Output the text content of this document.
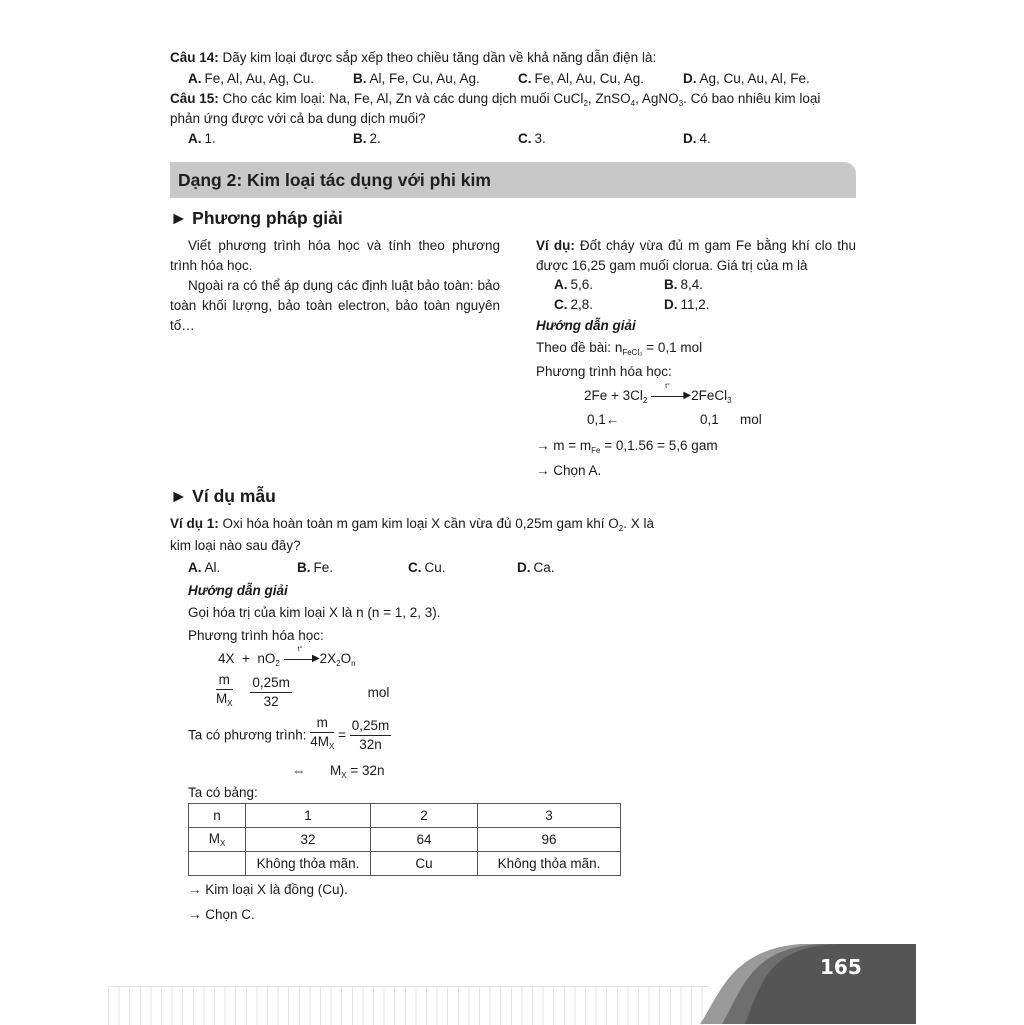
Câu 14: Dãy kim loại được sắp xếp theo chiều tăng dần về khả năng dẫn điện là:
A. Fe, Al, Au, Ag, Cu.	B. Al, Fe, Cu, Au, Ag.	C. Fe, Al, Au, Cu, Ag.	D. Ag, Cu, Au, Al, Fe.
Câu 15: Cho các kim loại: Na, Fe, Al, Zn và các dung dịch muối CuCl$_2$, ZnSO$_4$, AgNO$_3$. Có bao nhiêu kim loại
phản ứng được với cả ba dung dịch muối?
A. 1.	B. 2.	C. 3.	D. 4.
Dạng 2: Kim loại tác dụng với phi kim
► Phương pháp giải
Viết phương trình hóa học và tính theo phương trình hóa học.
Ngoài ra có thể áp dụng các định luật bảo toàn: bảo toàn khối lượng, bảo toàn electron, bảo toàn nguyên tố…
Ví dụ: Đốt cháy vừa đủ m gam Fe bằng khí clo thu được 16,25 gam muối clorua. Giá trị của m là
A. 5,6.	B. 8,4.
C. 2,8.	D. 11,2.
Hướng dẫn giải
Theo đề bài: $n_{FeCl_3} = 0,1$ mol
Phương trình hóa học:
$2Fe + 3Cl_2$
t°
▶ 2FeCl$_3$
0,1←	0,1 mol
→ $m = m_{Fe} = 0,1.56 = 5,6$ gam
→ Chọn A.
► Ví dụ mẫu
Ví dụ 1: Oxi hóa hoàn toàn m gam kim loại X cần vừa đủ 0,25m gam khí $O_2$. X là
kim loại nào sau đây?
A. Al.	B. Fe.	C. Cu.	D. Ca.
Hướng dẫn giải
Gọi hóa trị của kim loại X là n (n = 1, 2, 3).
Phương trình hóa học:
$4X + nO_2$
t°
▶ $2X_2O_n$
$\frac{m}{M_X}$
$\frac{0,25m}{32}$	mol
Ta có phương trình: $\frac{m}{4M_X} = \frac{0,25m}{32n}$
⇔ $M_X = 32n$
Ta có bảng:
n	1	2	3
$M_X$	32	64	96
	Không thỏa mãn.	Cu	Không thỏa mãn.
→ Kim loại X là đồng (Cu).
→ Chọn C.
165
